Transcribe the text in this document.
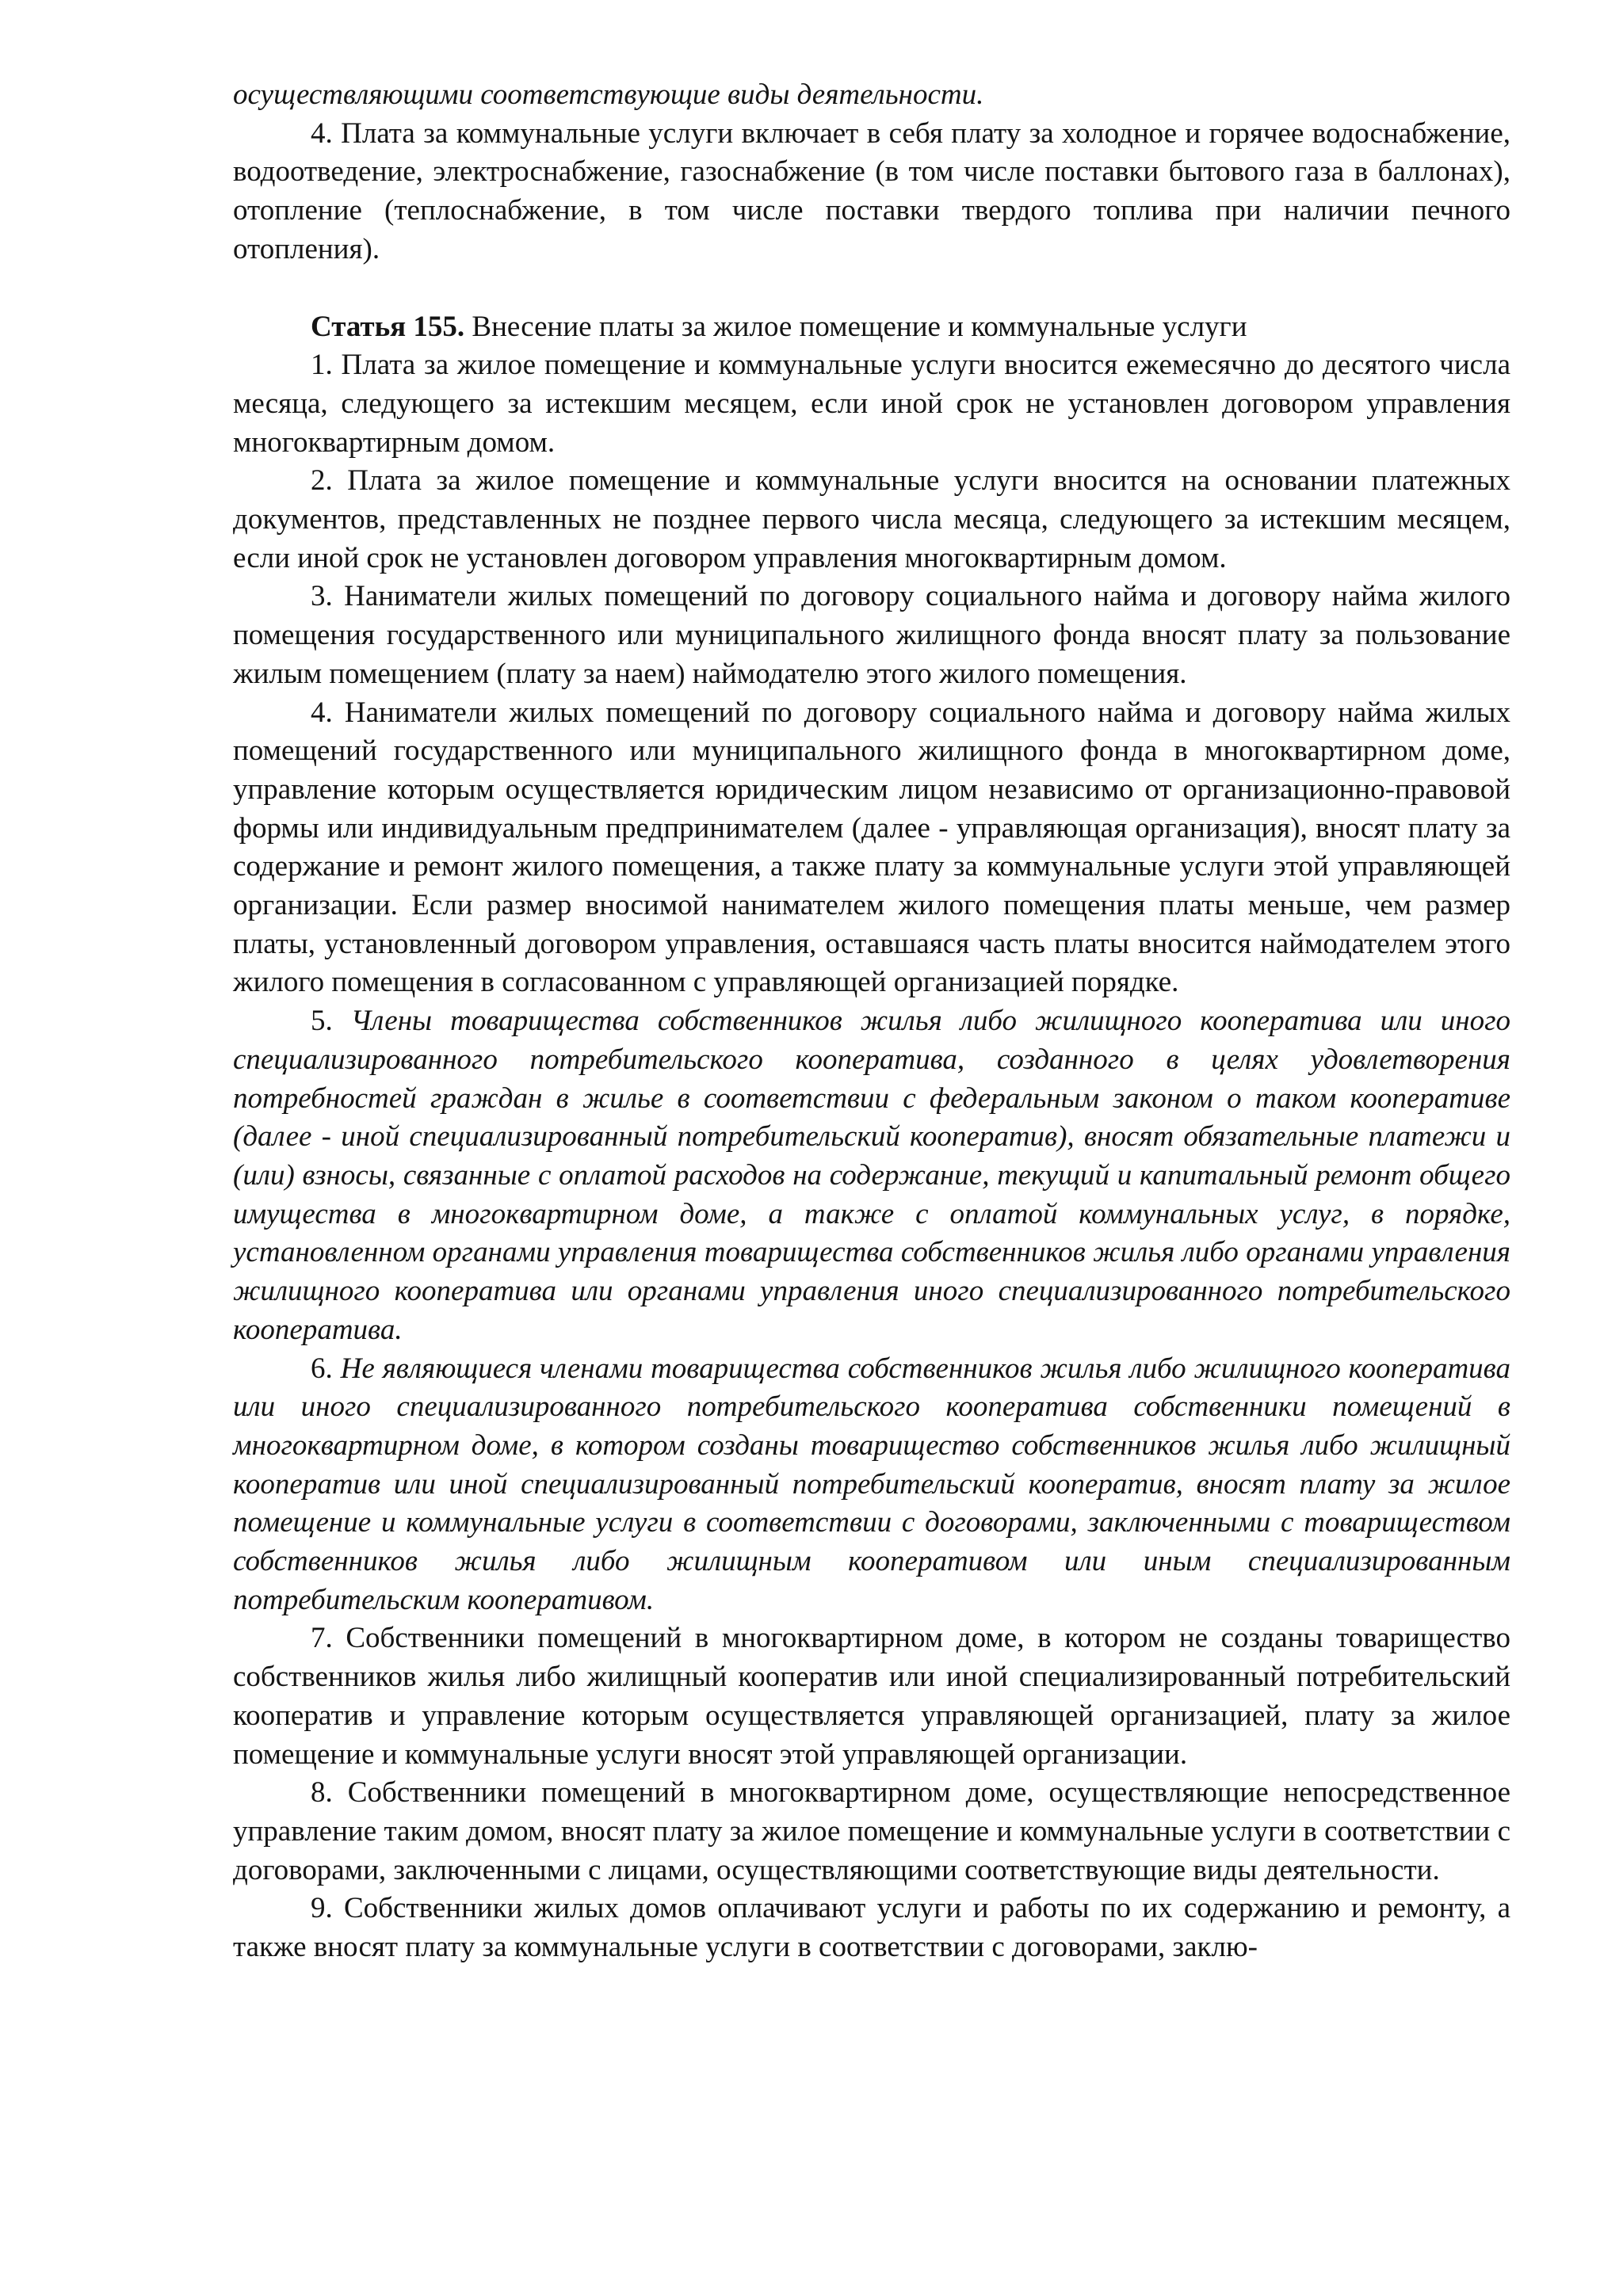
осуществляющими соответствующие виды деятельности.

4. Плата за коммунальные услуги включает в себя плату за холодное и горячее водоснабжение, водоотведение, электроснабжение, газоснабжение (в том числе поставки бытового газа в баллонах), отопление (теплоснабжение, в том числе поставки твердого топлива при наличии печного отопления).

Статья 155. Внесение платы за жилое помещение и коммунальные услуги

1. Плата за жилое помещение и коммунальные услуги вносится ежемесячно до десятого числа месяца, следующего за истекшим месяцем, если иной срок не установлен договором управления многоквартирным домом.

2. Плата за жилое помещение и коммунальные услуги вносится на основании платежных документов, представленных не позднее первого числа месяца, следующего за истекшим месяцем, если иной срок не установлен договором управления многоквартирным домом.

3. Наниматели жилых помещений по договору социального найма и договору найма жилого помещения государственного или муниципального жилищного фонда вносят плату за пользование жилым помещением (плату за наем) наймодателю этого жилого помещения.

4. Наниматели жилых помещений по договору социального найма и договору найма жилых помещений государственного или муниципального жилищного фонда в многоквартирном доме, управление которым осуществляется юридическим лицом независимо от организационно-правовой формы или индивидуальным предпринимателем (далее - управляющая организация), вносят плату за содержание и ремонт жилого помещения, а также плату за коммунальные услуги этой управляющей организации. Если размер вносимой нанимателем жилого помещения платы меньше, чем размер платы, установленный договором управления, оставшаяся часть платы вносится наймодателем этого жилого помещения в согласованном с управляющей организацией порядке.

5. Члены товарищества собственников жилья либо жилищного кооператива или иного специализированного потребительского кооператива, созданного в целях удовлетворения потребностей граждан в жилье в соответствии с федеральным законом о таком кооперативе (далее - иной специализированный потребительский кооператив), вносят обязательные платежи и (или) взносы, связанные с оплатой расходов на содержание, текущий и капитальный ремонт общего имущества в многоквартирном доме, а также с оплатой коммунальных услуг, в порядке, установленном органами управления товарищества собственников жилья либо органами управления жилищного кооператива или органами управления иного специализированного потребительского кооператива.

6. Не являющиеся членами товарищества собственников жилья либо жилищного кооператива или иного специализированного потребительского кооператива собственники помещений в многоквартирном доме, в котором созданы товарищество собственников жилья либо жилищный кооператив или иной специализированный потребительский кооператив, вносят плату за жилое помещение и коммунальные услуги в соответствии с договорами, заключенными с товариществом собственников жилья либо жилищным кооперативом или иным специализированным потребительским кооперативом.

7. Собственники помещений в многоквартирном доме, в котором не созданы товарищество собственников жилья либо жилищный кооператив или иной специализированный потребительский кооператив и управление которым осуществляется управляющей организацией, плату за жилое помещение и коммунальные услуги вносят этой управляющей организации.

8. Собственники помещений в многоквартирном доме, осуществляющие непосредственное управление таким домом, вносят плату за жилое помещение и коммунальные услуги в соответствии с договорами, заключенными с лицами, осуществляющими соответствующие виды деятельности.

9. Собственники жилых домов оплачивают услуги и работы по их содержанию и ремонту, а также вносят плату за коммунальные услуги в соответствии с договорами, заклю-
